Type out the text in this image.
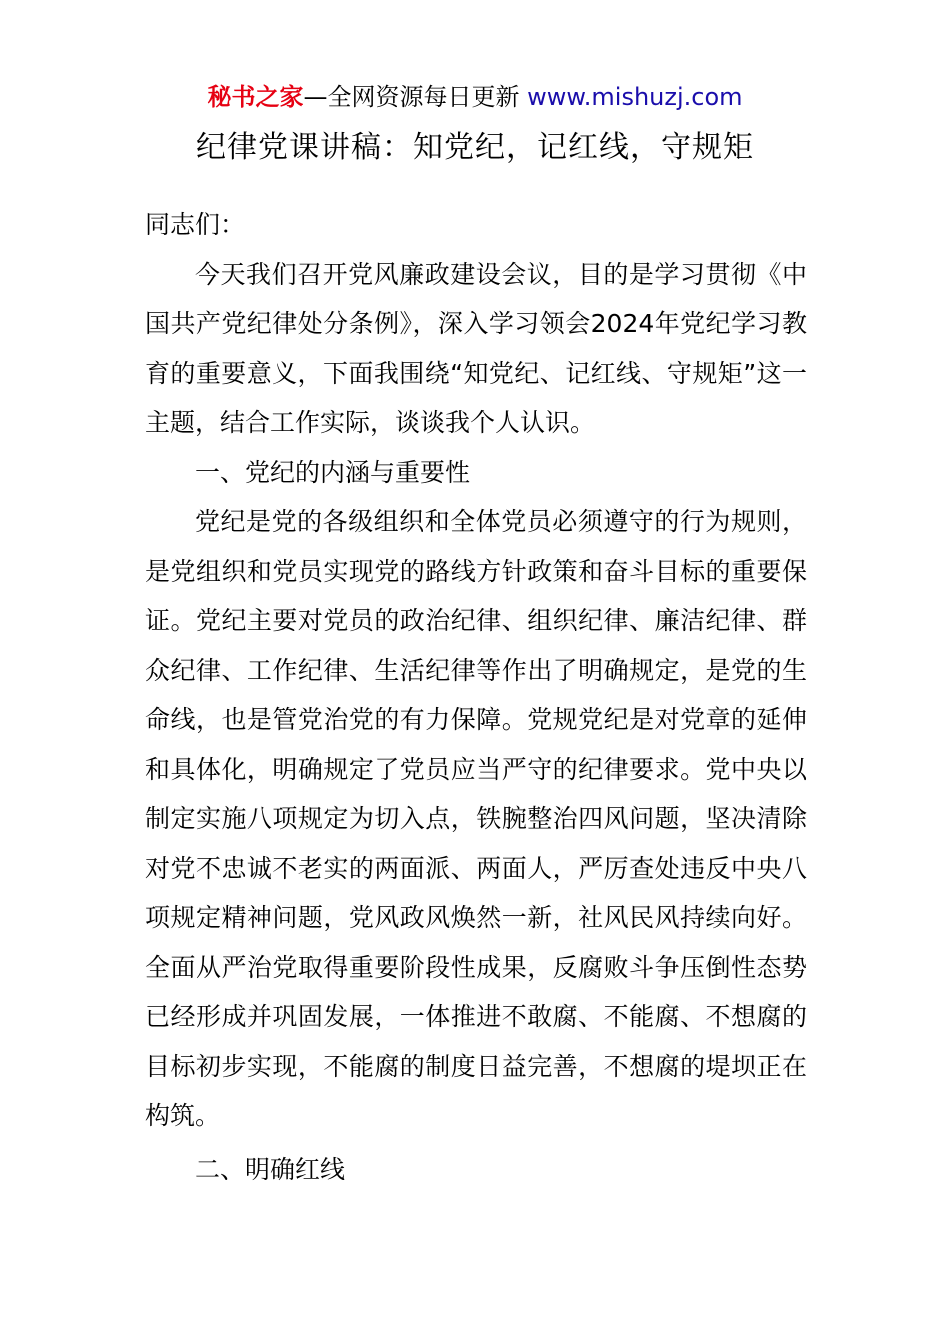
秘书之家—全网资源每日更新 www.mishuzj.com
纪律党课讲稿：知党纪，记红线，守规矩

同志们：

今天我们召开党风廉政建设会议，目的是学习贯彻《中国共产党纪律处分条例》，深入学习领会2024年党纪学习教育的重要意义，下面我围绕“知党纪、记红线、守规矩”这一主题，结合工作实际，谈谈我个人认识。

一、党纪的内涵与重要性

党纪是党的各级组织和全体党员必须遵守的行为规则，是党组织和党员实现党的路线方针政策和奋斗目标的重要保证。党纪主要对党员的政治纪律、组织纪律、廉洁纪律、群众纪律、工作纪律、生活纪律等作出了明确规定，是党的生命线，也是管党治党的有力保障。党规党纪是对党章的延伸和具体化，明确规定了党员应当严守的纪律要求。党中央以制定实施八项规定为切入点，铁腕整治四风问题，坚决清除对党不忠诚不老实的两面派、两面人，严厉查处违反中央八项规定精神问题，党风政风焕然一新，社风民风持续向好。全面从严治党取得重要阶段性成果，反腐败斗争压倒性态势已经形成并巩固发展，一体推进不敢腐、不能腐、不想腐的目标初步实现，不能腐的制度日益完善，不想腐的堤坝正在构筑。

二、明确红线
